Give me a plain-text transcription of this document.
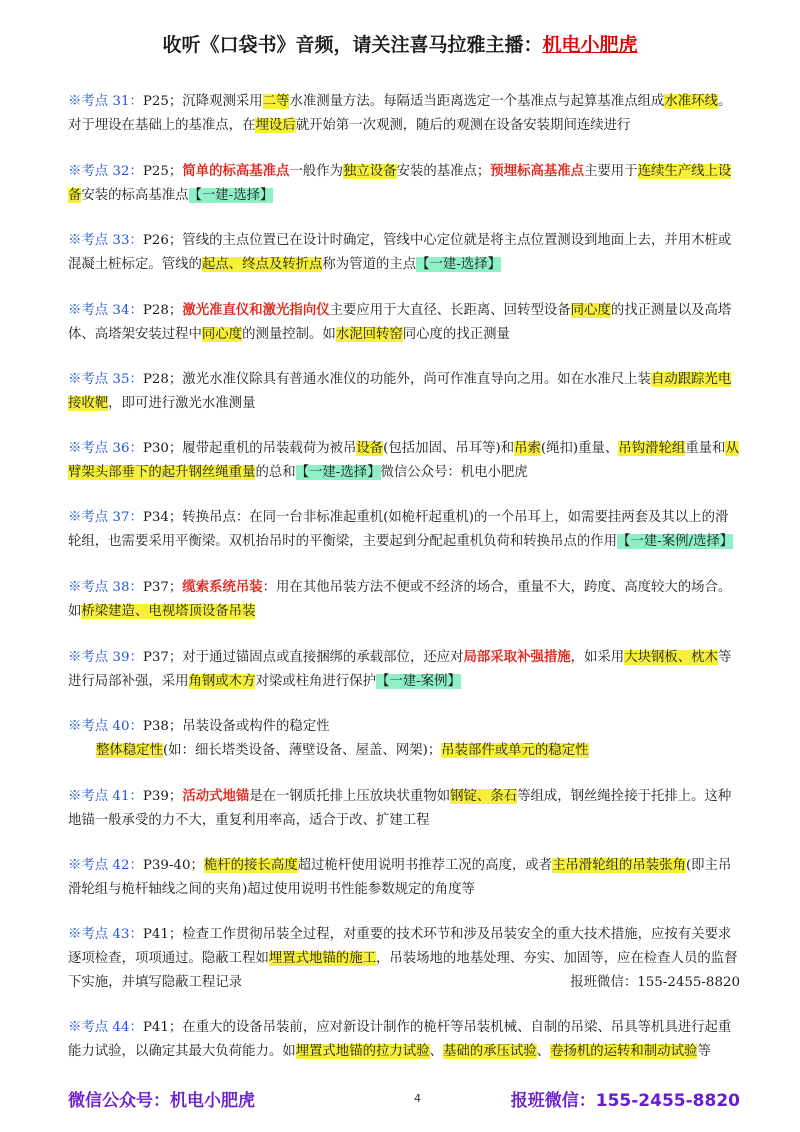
收听《口袋书》音频，请关注喜马拉雅主播：机电小肥虎
※考点 31：P25；沉降观测采用二等水准测量方法。每隔适当距离选定一个基准点与起算基准点组成水准环线。对于埋设在基础上的基准点，在埋设后就开始第一次观测，随后的观测在设备安装期间连续进行
※考点 32：P25；简单的标高基准点一般作为独立设备安装的基准点；预埋标高基准点主要用于连续生产线上设备安装的标高基准点【一建-选择】
※考点 33：P26；管线的主点位置已在设计时确定，管线中心定位就是将主点位置测设到地面上去，并用木桩或混凝土桩标定。管线的起点、终点及转折点称为管道的主点【一建-选择】
※考点 34：P28；激光准直仪和激光指向仪主要应用于大直径、长距离、回转型设备同心度的找正测量以及高塔体、高塔架安装过程中同心度的测量控制。如水泥回转窑同心度的找正测量
※考点 35：P28；激光水准仪除具有普通水准仪的功能外，尚可作准直导向之用。如在水准尺上装自动跟踪光电接收靶，即可进行激光水准测量
※考点 36：P30；履带起重机的吊装载荷为被吊设备(包括加固、吊耳等)和吊索(绳扣)重量、吊钩滑轮组重量和从臂架头部垂下的起升钢丝绳重量的总和【一建-选择】微信公众号：机电小肥虎
※考点 37：P34；转换吊点：在同一台非标准起重机(如桅杆起重机)的一个吊耳上，如需要挂两套及其以上的滑轮组，也需要采用平衡梁。双机抬吊时的平衡梁，主要起到分配起重机负荷和转换吊点的作用【一建-案例/选择】
※考点 38：P37；缆索系统吊装：用在其他吊装方法不便或不经济的场合，重量不大，跨度、高度较大的场合。如桥梁建造、电视塔顶设备吊装
※考点 39：P37；对于通过锚固点或直接捆绑的承载部位，还应对局部采取补强措施，如采用大块钢板、枕木等进行局部补强，采用角钢或木方对梁或柱角进行保护【一建-案例】
※考点 40：P38；吊装设备或构件的稳定性
整体稳定性(如：细长塔类设备、薄壁设备、屋盖、网架)；吊装部件或单元的稳定性
※考点 41：P39；活动式地锚是在一钢质托排上压放块状重物如钢锭、条石等组成，钢丝绳拴接于托排上。这种地锚一般承受的力不大，重复利用率高，适合于改、扩建工程
※考点 42：P39-40；桅杆的接长高度超过桅杆使用说明书推荐工况的高度，或者主吊滑轮组的吊装张角(即主吊滑轮组与桅杆轴线之间的夹角)超过使用说明书性能参数规定的角度等
※考点 43：P41；检查工作贯彻吊装全过程，对重要的技术环节和涉及吊装安全的重大技术措施，应按有关要求逐项检查，项项通过。隐蔽工程如埋置式地锚的施工，吊装场地的地基处理、夯实、加固等，应在检查人员的监督下实施，并填写隐蔽工程记录	报班微信：155-2455-8820
※考点 44：P41；在重大的设备吊装前，应对新设计制作的桅杆等吊装机械、自制的吊梁、吊具等机具进行起重能力试验，以确定其最大负荷能力。如埋置式地锚的拉力试验、基础的承压试验、卷扬机的运转和制动试验等
微信公众号：机电小肥虎	4	报班微信：155-2455-8820
